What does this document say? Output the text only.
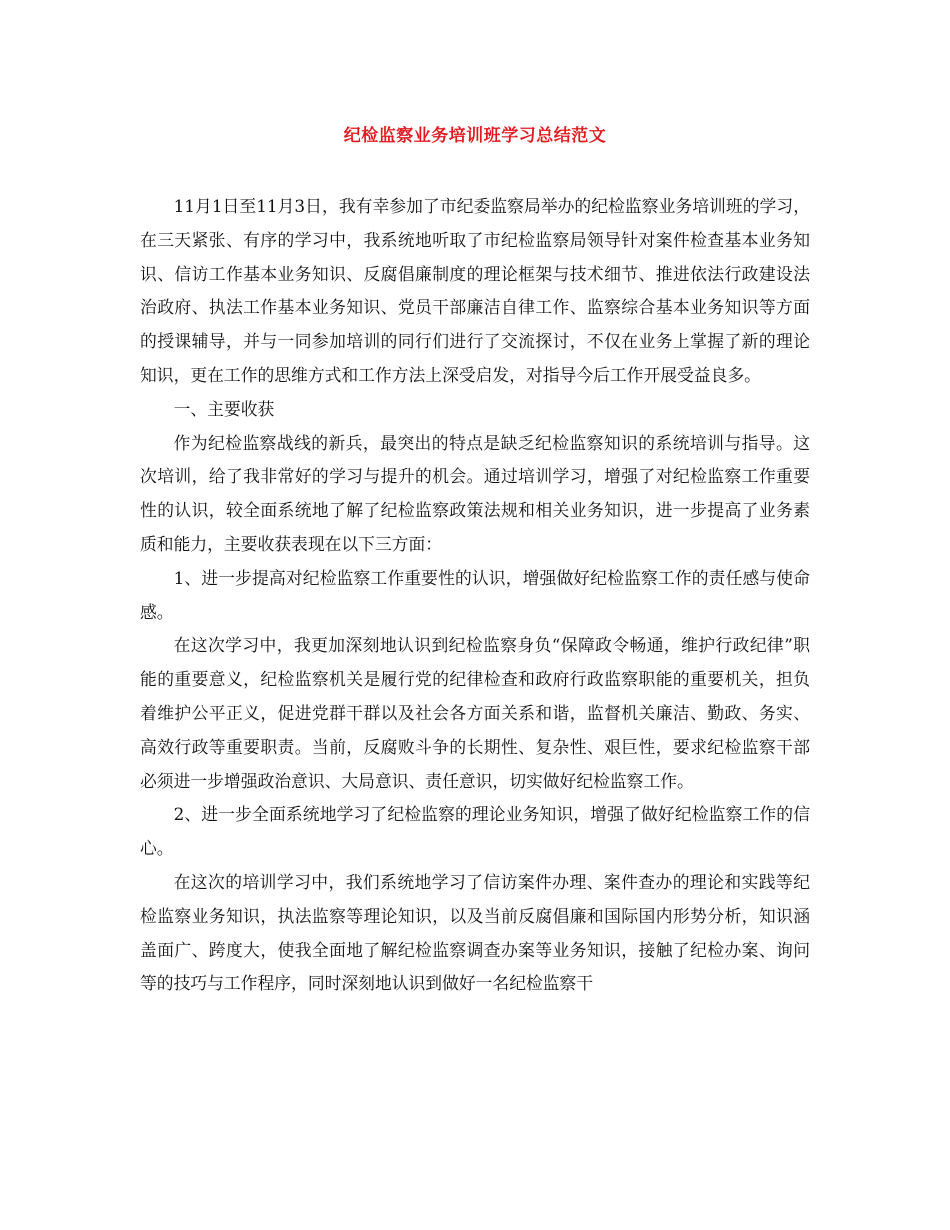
纪检监察业务培训班学习总结范文

11月1日至11月3日，我有幸参加了市纪委监察局举办的纪检监察业务培训班的学习，在三天紧张、有序的学习中，我系统地听取了市纪检监察局领导针对案件检查基本业务知识、信访工作基本业务知识、反腐倡廉制度的理论框架与技术细节、推进依法行政建设法治政府、执法工作基本业务知识、党员干部廉洁自律工作、监察综合基本业务知识等方面的授课辅导，并与一同参加培训的同行们进行了交流探讨，不仅在业务上掌握了新的理论知识，更在工作的思维方式和工作方法上深受启发，对指导今后工作开展受益良多。

一、主要收获

作为纪检监察战线的新兵，最突出的特点是缺乏纪检监察知识的系统培训与指导。这次培训，给了我非常好的学习与提升的机会。通过培训学习，增强了对纪检监察工作重要性的认识，较全面系统地了解了纪检监察政策法规和相关业务知识，进一步提高了业务素质和能力，主要收获表现在以下三方面：

1、进一步提高对纪检监察工作重要性的认识，增强做好纪检监察工作的责任感与使命感。

在这次学习中，我更加深刻地认识到纪检监察身负“保障政令畅通，维护行政纪律”职能的重要意义，纪检监察机关是履行党的纪律检查和政府行政监察职能的重要机关，担负着维护公平正义，促进党群干群以及社会各方面关系和谐，监督机关廉洁、勤政、务实、高效行政等重要职责。当前，反腐败斗争的长期性、复杂性、艰巨性，要求纪检监察干部必须进一步增强政治意识、大局意识、责任意识，切实做好纪检监察工作。

2、进一步全面系统地学习了纪检监察的理论业务知识，增强了做好纪检监察工作的信心。

在这次的培训学习中，我们系统地学习了信访案件办理、案件查办的理论和实践等纪检监察业务知识，执法监察等理论知识，以及当前反腐倡廉和国际国内形势分析，知识涵盖面广、跨度大，使我全面地了解纪检监察调查办案等业务知识，接触了纪检办案、询问等的技巧与工作程序，同时深刻地认识到做好一名纪检监察干
